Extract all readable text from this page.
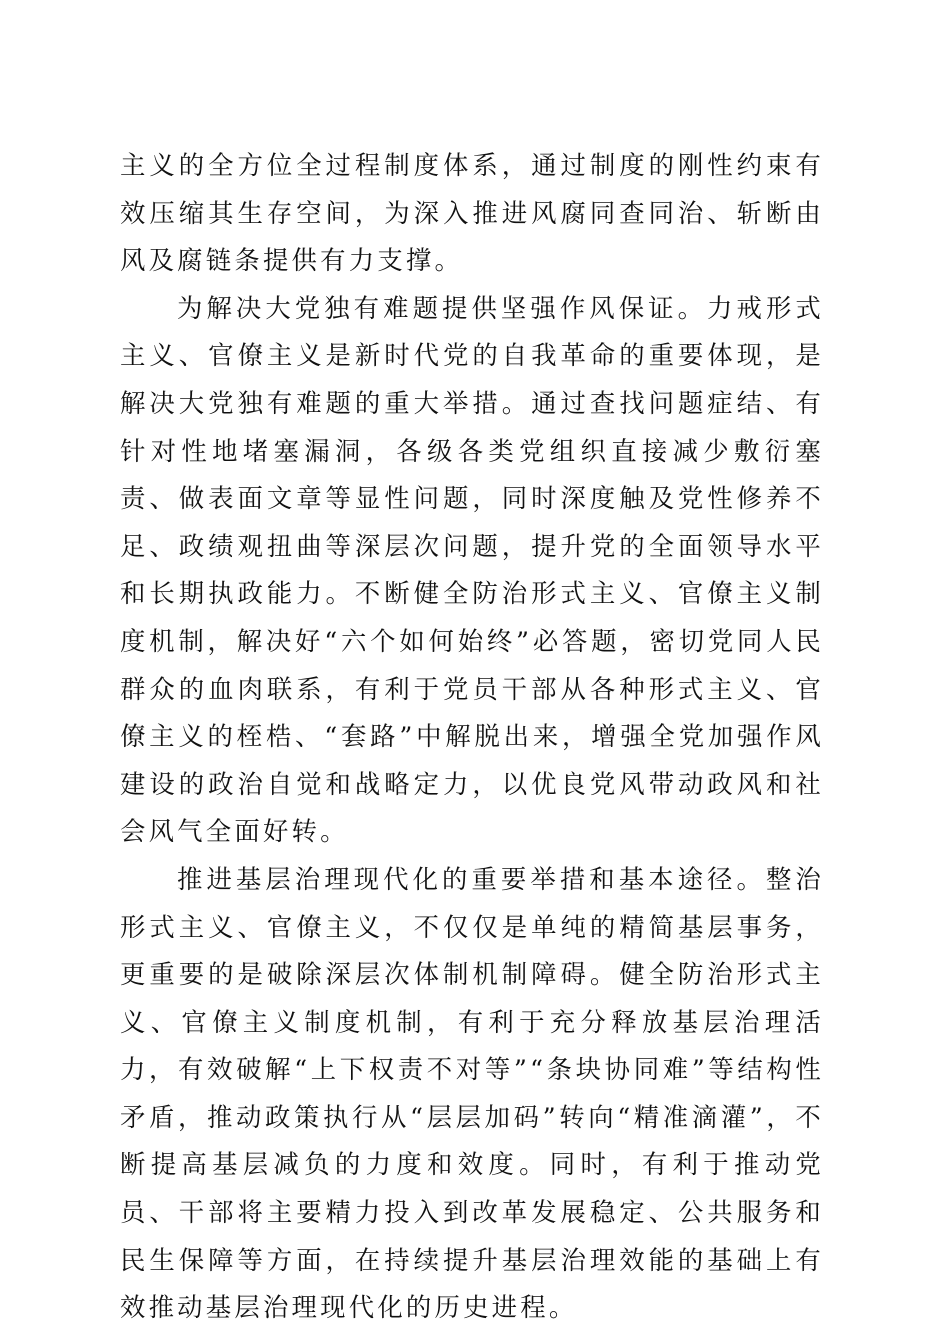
主义的全方位全过程制度体系，通过制度的刚性约束有效压缩其生存空间，为深入推进风腐同查同治、斩断由风及腐链条提供有力支撑。

为解决大党独有难题提供坚强作风保证。力戒形式主义、官僚主义是新时代党的自我革命的重要体现，是解决大党独有难题的重大举措。通过查找问题症结、有针对性地堵塞漏洞，各级各类党组织直接减少敷衍塞责、做表面文章等显性问题，同时深度触及党性修养不足、政绩观扭曲等深层次问题，提升党的全面领导水平和长期执政能力。不断健全防治形式主义、官僚主义制度机制，解决好“六个如何始终”必答题，密切党同人民群众的血肉联系，有利于党员干部从各种形式主义、官僚主义的桎梏、“套路”中解脱出来，增强全党加强作风建设的政治自觉和战略定力，以优良党风带动政风和社会风气全面好转。

推进基层治理现代化的重要举措和基本途径。整治形式主义、官僚主义，不仅仅是单纯的精简基层事务，更重要的是破除深层次体制机制障碍。健全防治形式主义、官僚主义制度机制，有利于充分释放基层治理活力，有效破解“上下权责不对等”“条块协同难”等结构性矛盾，推动政策执行从“层层加码”转向“精准滴灌”，不断提高基层减负的力度和效度。同时，有利于推动党员、干部将主要精力投入到改革发展稳定、公共服务和民生保障等方面，在持续提升基层治理效能的基础上有效推动基层治理现代化的历史进程。
